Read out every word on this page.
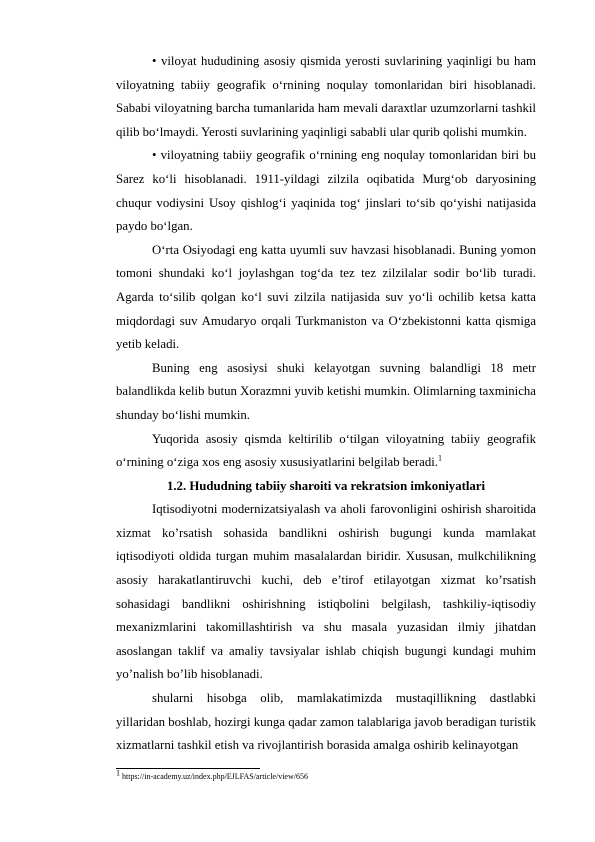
• viloyat hududining asosiy qismida yerosti suvlarining yaqinligi bu ham viloyatning tabiiy geografik o‘rnining noqulay tomonlaridan biri hisoblanadi. Sababi viloyatning barcha tumanlarida ham mevali daraxtlar uzumzorlarni tashkil qilib bo‘lmaydi. Yerosti suvlarining yaqinligi sababli ular qurib qolishi mumkin.

• viloyatning tabiiy geografik o‘rnining eng noqulay tomonlaridan biri bu Sarez ko‘li hisoblanadi. 1911-yildagi zilzila oqibatida Murg‘ob daryosining chuqur vodiysini Usoy qishlog‘i yaqinida tog‘ jinslari to‘sib qo‘yishi natijasida paydo bo‘lgan.

O‘rta Osiyodagi eng katta uyumli suv havzasi hisoblanadi. Buning yomon tomoni shundaki ko‘l joylashgan tog‘da tez tez zilzilalar sodir bo‘lib turadi. Agarda to‘silib qolgan ko‘l suvi zilzila natijasida suv yo‘li ochilib ketsa katta miqdordagi suv Amudaryo orqali Turkmaniston va O‘zbekistonni katta qismiga yetib keladi.

Buning eng asosiysi shuki kelayotgan suvning balandligi 18 metr balandlikda kelib butun Xorazmni yuvib ketishi mumkin. Olimlarning taxminicha shunday bo‘lishi mumkin.

Yuqorida asosiy qismda keltirilib o‘tilgan viloyatning tabiiy geografik o‘rnining o‘ziga xos eng asosiy xususiyatlarini belgilab beradi.$^1$

1.2. Hududning tabiiy sharoiti va rekratsion imkoniyatlari

Iqtisodiyotni modernizatsiyalash va aholi farovonligini oshirish sharoitida xizmat ko’rsatish sohasida bandlikni oshirish bugungi kunda mamlakat iqtisodiyoti oldida turgan muhim masalalardan biridir. Xususan, mulkchilikning asosiy harakatlantiruvchi kuchi, deb e’tirof etilayotgan xizmat ko’rsatish sohasidagi bandlikni oshirishning istiqbolini belgilash, tashkiliy-iqtisodiy mexanizmlarini takomillashtirish va shu masala yuzasidan ilmiy jihatdan asoslangan taklif va amaliy tavsiyalar ishlab chiqish bugungi kundagi muhim yo’nalish bo’lib hisoblanadi.

shularni hisobga olib, mamlakatimizda mustaqillikning dastlabki yillaridan boshlab, hozirgi kunga qadar zamon talablariga javob beradigan turistik xizmatlarni tashkil etish va rivojlantirish borasida amalga oshirib kelinayotgan

$^1$ https://in-academy.uz/index.php/EJLFAS/article/view/656
